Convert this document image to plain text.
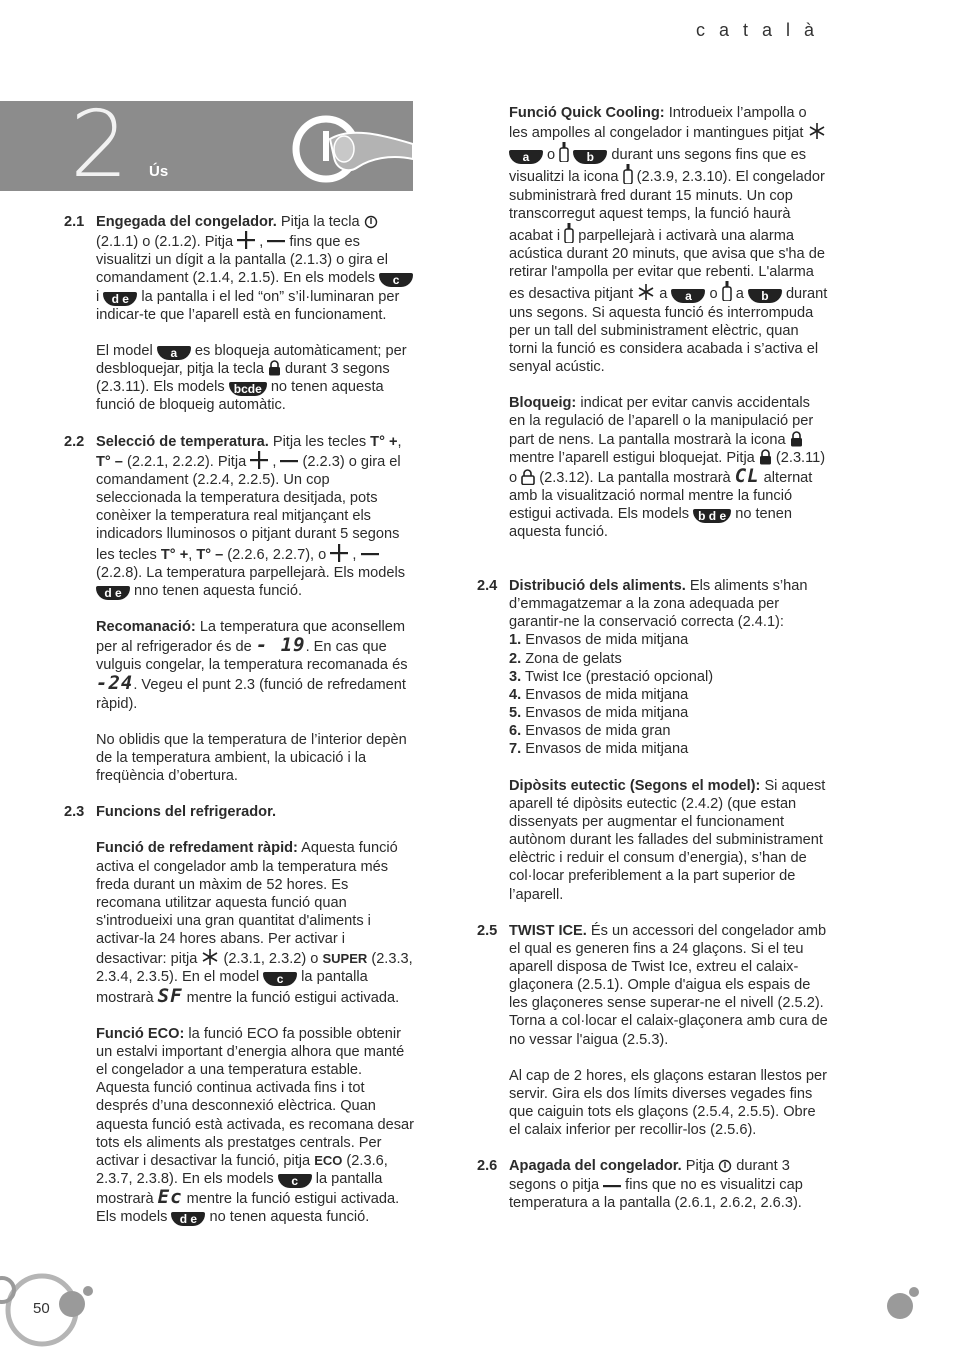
català
2 Ús
2.1 Engegada del congelador. Pitja la tecla  (2.1.1) o (2.1.2). Pitja  ,  fins que es visualitzi un dígit a la pantalla (2.1.3) o gira el comandament (2.1.4, 2.1.5). En els models c i d e la pantalla i el led “on” s’il·luminaran per indicar-te que l’aparell està en funcionament.

El model a es bloqueja automàticament; per desbloquejar, pitja la tecla  durant 3 segons (2.3.11). Els models bcde no tenen aquesta funció de bloqueig automàtic.

2.2 Selecció de temperatura. Pitja les tecles T° +, T° – (2.2.1, 2.2.2). Pitja  ,  (2.2.3) o gira el comandament (2.2.4, 2.2.5). Un cop seleccionada la temperatura desitjada, pots conèixer la temperatura real mitjançant els indicadors lluminosos o pitjant durant 5 segons les tecles T° +, T° – (2.2.6, 2.2.7), o  ,  (2.2.8). La temperatura parpellejarà. Els models d e nno tenen aquesta funció.

Recomanació: La temperatura que aconsellem per al refrigerador és de - 19. En cas que vulguis congelar, la temperatura recomanada és -24. Vegeu el punt 2.3 (funció de refredament ràpid).

No oblidis que la temperatura de l’interior depèn de la temperatura ambient, la ubicació i la freqüència d’obertura.

2.3 Funcions del refrigerador.

Funció de refredament ràpid: Aquesta funció activa el congelador amb la temperatura més freda durant un màxim de 52 hores. Es recomana utilitzar aquesta funció quan s'introdueixi una gran quantitat d'aliments i activar-la 24 hores abans. Per activar i desactivar: pitja  (2.3.1, 2.3.2) o SUPER (2.3.3, 2.3.4, 2.3.5). En el model c la pantalla mostrarà SF mentre la funció estigui activada.

Funció ECO: la funció ECO fa possible obtenir un estalvi important d’energia alhora que manté el congelador a una temperatura estable. Aquesta funció continua activada fins i tot després d’una desconnexió elèctrica. Quan aquesta funció està activada, es recomana desar tots els aliments als prestatges centrals. Per activar i desactivar la funció, pitja ECO (2.3.6, 2.3.7, 2.3.8). En els models c la pantalla mostrarà Ec mentre la funció estigui activada. Els models d e no tenen aquesta funció.

Funció Quick Cooling: Introdueix l’ampolla o les ampolles al congelador i mantingues pitjat  a o  b durant uns segons fins que es visualitzi la icona  (2.3.9, 2.3.10). El congelador subministrarà fred durant 15 minuts. Un cop transcorregut aquest temps, la funció haurà acabat i  parpellejarà i activarà una alarma acústica durant 20 minuts, que avisa que s'ha de retirar l'ampolla per evitar que rebenti. L'alarma es desactiva pitjant  a a o  a b durant uns segons. Si aquesta funció és interrompuda per un tall del subministrament elèctric, quan torni la funció es considera acabada i s’activa el senyal acústic.

Bloqueig: indicat per evitar canvis accidentals en la regulació de l’aparell o la manipulació per part de nens. La pantalla mostrarà la icona  mentre l’aparell estigui bloquejat. Pitja  (2.3.11) o  (2.3.12). La pantalla mostrarà CL alternat amb la visualització normal mentre la funció estigui activada. Els models b d e no tenen aquesta funció.

2.4 Distribució dels aliments. Els aliments s’han d’emmagatzemar a la zona adequada per garantir-ne la conservació correcta (2.4.1):

1. Envasos de mida mitjana

2. Zona de gelats

3. Twist Ice (prestació opcional)

4. Envasos de mida mitjana

5. Envasos de mida mitjana

6. Envasos de mida gran

7. Envasos de mida mitjana

Dipòsits eutectic (Segons el model): Si aquest aparell té dipòsits eutectic (2.4.2) (que estan dissenyats per augmentar el funcionament autònom durant les fallades del subministrament elèctric i reduir el consum d’energia), s’han de col·locar preferiblement a la part superior de l’aparell.

2.5 TWIST ICE. És un accessori del congelador amb el qual es generen fins a 24 glaçons. Si el teu aparell disposa de Twist Ice, extreu el calaix-glaçonera (2.5.1). Omple d'aigua els espais de les glaçoneres sense superar-ne el nivell (2.5.2). Torna a col·locar el calaix-glaçonera amb cura de no vessar l'aigua (2.5.3).

Al cap de 2 hores, els glaçons estaran llestos per servir. Gira els dos límits diverses vegades fins que caiguin tots els glaçons (2.5.4, 2.5.5). Obre el calaix inferior per recollir-los (2.5.6).

2.6 Apagada del congelador. Pitja  durant 3 segons o pitja  fins que no es visualitzi cap temperatura a la pantalla (2.6.1, 2.6.2, 2.6.3).

50
